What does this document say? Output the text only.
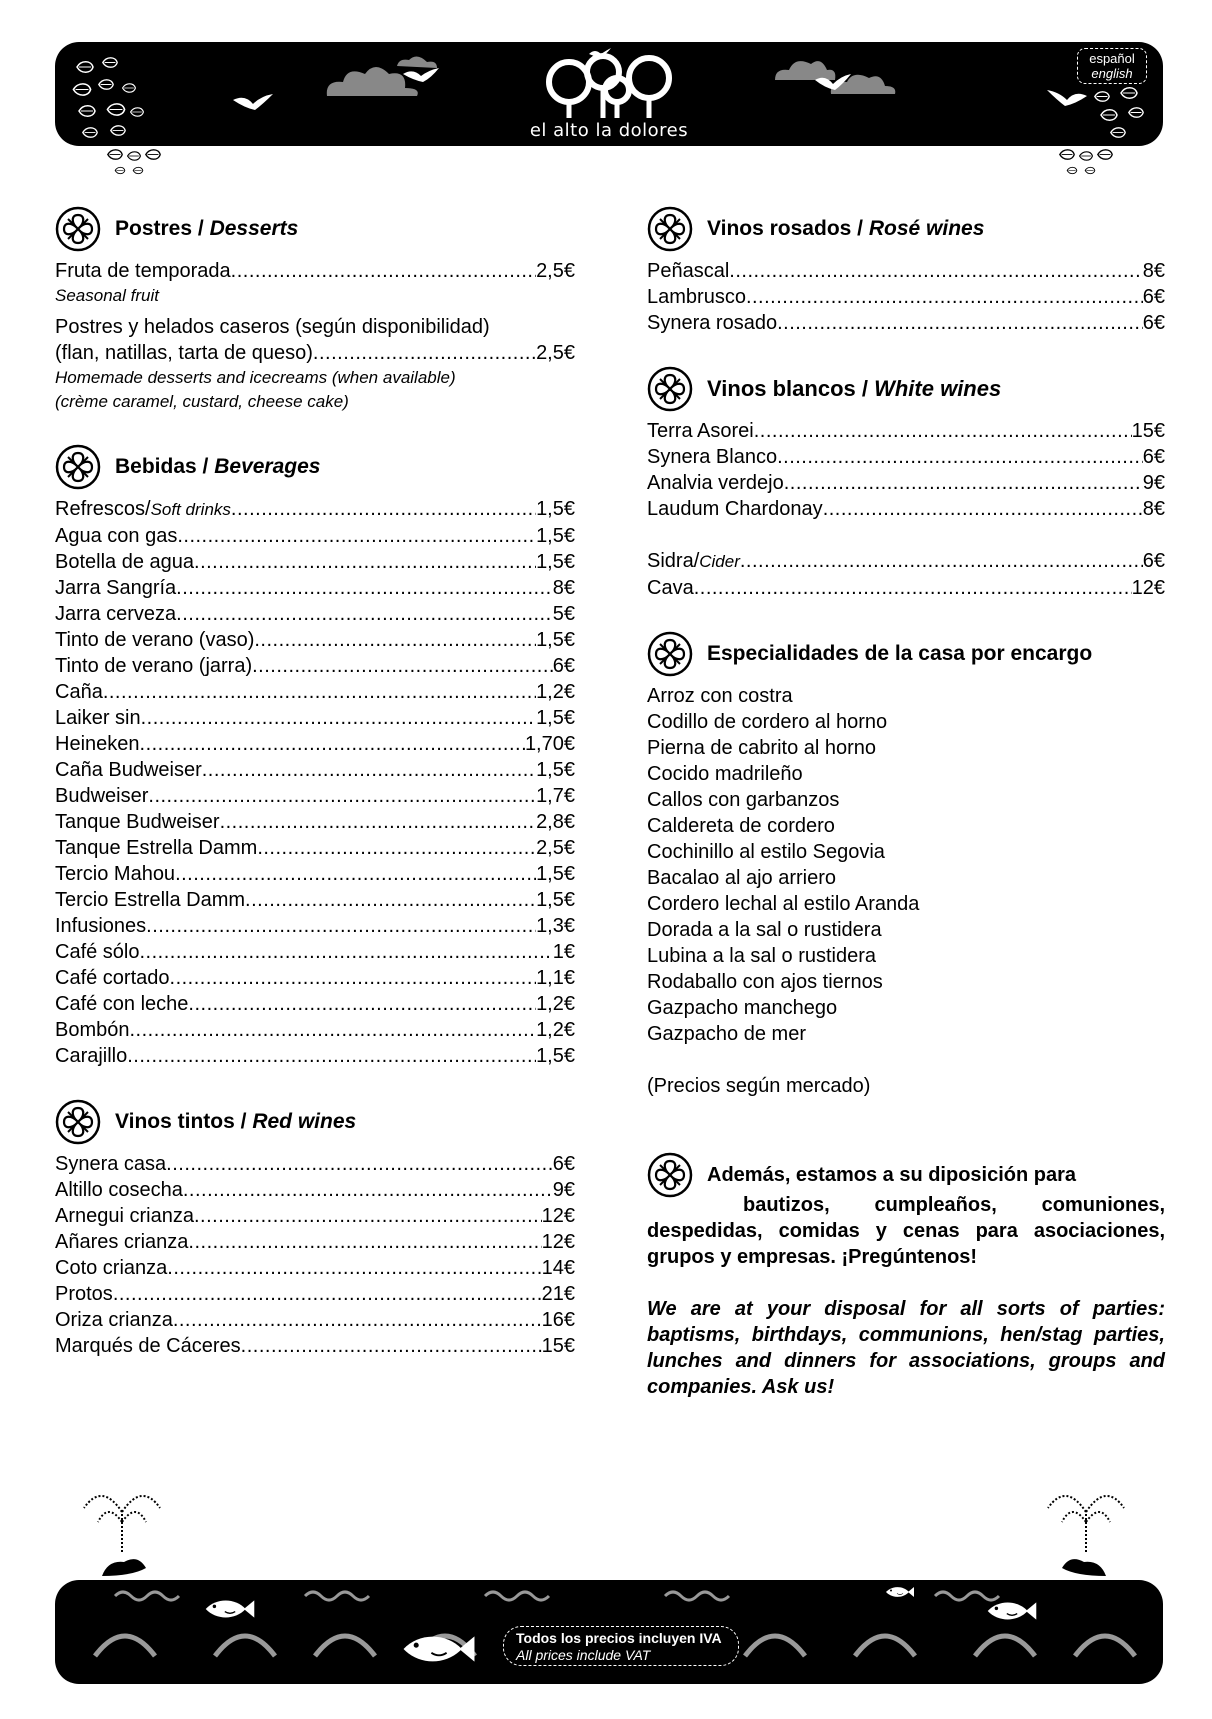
el alto la dolores
español
english
Postres / Desserts
Fruta de temporada .....	2,5€
Seasonal fruit
Postres y helados caseros (según disponibilidad)
(flan, natillas, tarta de queso) .....	2,5€
Homemade desserts and icecreams (when available)
(crème caramel, custard, cheese cake)
Bebidas / Beverages
Refrescos/Soft drinks .....	1,5€
Agua con gas .....	1,5€
Botella de agua .....	1,5€
Jarra Sangría .....	8€
Jarra cerveza .....	5€
Tinto de verano (vaso) .....	1,5€
Tinto de verano (jarra) .....	6€
Caña .....	1,2€
Laiker sin .....	1,5€
Heineken .....	1,70€
Caña Budweiser .....	1,5€
Budweiser .....	1,7€
Tanque Budweiser .....	2,8€
Tanque Estrella Damm .....	2,5€
Tercio Mahou .....	1,5€
Tercio Estrella Damm .....	1,5€
Infusiones .....	1,3€
Café sólo .....	1€
Café cortado .....	1,1€
Café con leche .....	1,2€
Bombón .....	1,2€
Carajillo .....	1,5€
Vinos tintos / Red wines
Synera casa .....	6€
Altillo cosecha .....	9€
Arnegui crianza .....	12€
Añares crianza .....	12€
Coto crianza .....	14€
Protos .....	21€
Oriza crianza .....	16€
Marqués de Cáceres .....	15€
Vinos rosados / Rosé wines
Peñascal .....	8€
Lambrusco .....	6€
Synera rosado .....	6€
Vinos blancos / White wines
Terra Asorei .....	15€
Synera Blanco .....	6€
Analvia verdejo .....	9€
Laudum Chardonay .....	8€
Sidra/Cider .....	6€
Cava .....	12€
Especialidades de la casa por encargo
Arroz con costra
Codillo de cordero al horno
Pierna de cabrito al horno
Cocido madrileño
Callos con garbanzos
Caldereta de cordero
Cochinillo al estilo Segovia
Bacalao al ajo arriero
Cordero lechal al estilo Aranda
Dorada a la sal o rustidera
Lubina a la sal o rustidera
Rodaballo con ajos tiernos
Gazpacho manchego
Gazpacho de mer
(Precios según mercado)
Además, estamos a su diposición para
bautizos, cumpleaños, comuniones, despedidas, comidas y cenas para asociaciones, grupos y empresas. ¡Pregúntenos!
We are at your disposal for all sorts of parties: baptisms, birthdays, communions, hen/stag parties, lunches and dinners for associations, groups and companies. Ask us!
Todos los precios incluyen IVA
All prices include VAT
